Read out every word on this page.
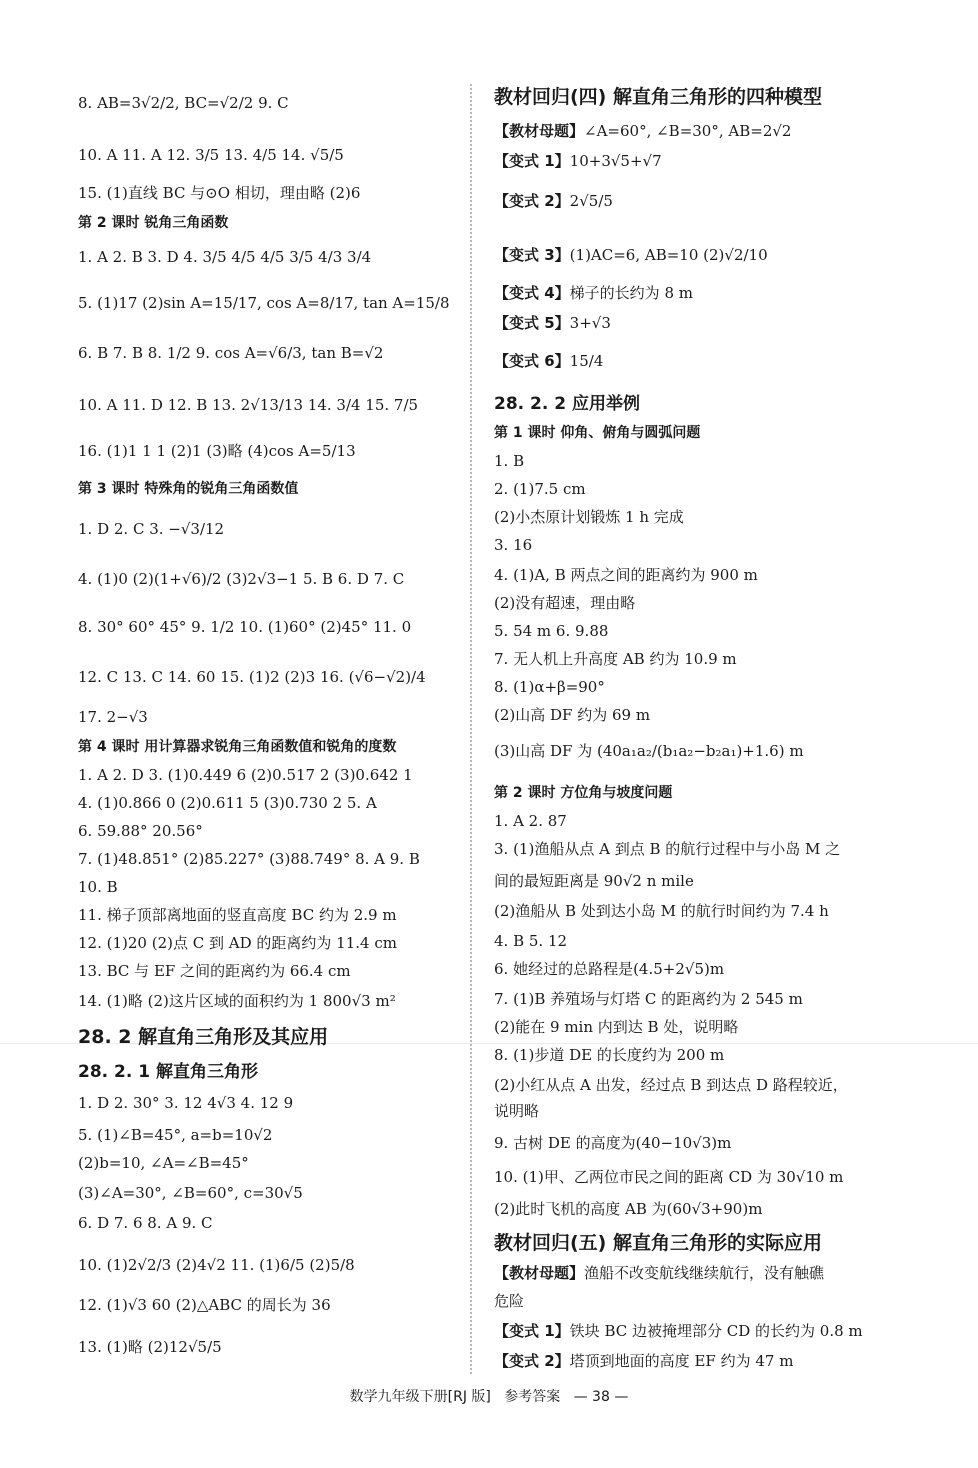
8. AB=3√2/2, BC=√2/2 9. C
10. A 11. A 12. 3/5 13. 4/5 14. √5/5
15. (1)直线 BC 与⊙O 相切，理由略 (2)6
第 2 课时 锐角三角函数
1. A 2. B 3. D 4. 3/5 4/5 4/5 3/5 4/3 3/4
5. (1)17 (2)sin A=15/17, cos A=8/17, tan A=15/8
6. B 7. B 8. 1/2 9. cos A=√6/3, tan B=√2
10. A 11. D 12. B 13. 2√13/13 14. 3/4 15. 7/5
16. (1)1 1 1 (2)1 (3)略 (4)cos A=5/13
第 3 课时 特殊角的锐角三角函数值
1. D 2. C 3. −√3/12
4. (1)0 (2)(1+√6)/2 (3)2√3−1 5. B 6. D 7. C
8. 30° 60° 45° 9. 1/2 10. (1)60° (2)45° 11. 0
12. C 13. C 14. 60 15. (1)2 (2)3 16. (√6−√2)/4
17. 2−√3
第 4 课时 用计算器求锐角三角函数值和锐角的度数
1. A 2. D 3. (1)0.449 6 (2)0.517 2 (3)0.642 1
4. (1)0.866 0 (2)0.611 5 (3)0.730 2 5. A
6. 59.88° 20.56°
7. (1)48.851° (2)85.227° (3)88.749° 8. A 9. B
10. B
11. 梯子顶部离地面的竖直高度 BC 约为 2.9 m
12. (1)20 (2)点 C 到 AD 的距离约为 11.4 cm
13. BC 与 EF 之间的距离约为 66.4 cm
14. (1)略 (2)这片区域的面积约为 1 800√3 m²
28. 2 解直角三角形及其应用
28. 2. 1 解直角三角形
1. D 2. 30° 3. 12 4√3 4. 12 9
5. (1)∠B=45°, a=b=10√2
(2)b=10, ∠A=∠B=45°
(3)∠A=30°, ∠B=60°, c=30√5
6. D 7. 6 8. A 9. C
10. (1)2√2/3 (2)4√2 11. (1)6/5 (2)5/8
12. (1)√3 60 (2)△ABC 的周长为 36
13. (1)略 (2)12√5/5
教材回归(四) 解直角三角形的四种模型
【教材母题】∠A=60°, ∠B=30°, AB=2√2
【变式 1】10+3√5+√7
【变式 2】2√5/5
【变式 3】(1)AC=6, AB=10 (2)√2/10
【变式 4】梯子的长约为 8 m
【变式 5】3+√3
【变式 6】15/4
28. 2. 2 应用举例
第 1 课时 仰角、俯角与圆弧问题
1. B
2. (1)7.5 cm
(2)小杰原计划锻炼 1 h 完成
3. 16
4. (1)A, B 两点之间的距离约为 900 m
(2)没有超速，理由略
5. 54 m 6. 9.88
7. 无人机上升高度 AB 约为 10.9 m
8. (1)α+β=90°
(2)山高 DF 约为 69 m
(3)山高 DF 为 (40a₁a₂/(b₁a₂−b₂a₁)+1.6) m
第 2 课时 方位角与坡度问题
1. A 2. 87
3. (1)渔船从点 A 到点 B 的航行过程中与小岛 M 之
间的最短距离是 90√2 n mile
(2)渔船从 B 处到达小岛 M 的航行时间约为 7.4 h
4. B 5. 12
6. 她经过的总路程是(4.5+2√5)m
7. (1)B 养殖场与灯塔 C 的距离约为 2 545 m
(2)能在 9 min 内到达 B 处，说明略
8. (1)步道 DE 的长度约为 200 m
(2)小红从点 A 出发，经过点 B 到达点 D 路程较近，
说明略
9. 古树 DE 的高度为(40−10√3)m
10. (1)甲、乙两位市民之间的距离 CD 为 30√10 m
(2)此时飞机的高度 AB 为(60√3+90)m
教材回归(五) 解直角三角形的实际应用
【教材母题】渔船不改变航线继续航行，没有触礁
危险
【变式 1】铁块 BC 边被掩埋部分 CD 的长约为 0.8 m
【变式 2】塔顶到地面的高度 EF 约为 47 m
数学九年级下册[RJ 版] 参考答案 — 38 —
